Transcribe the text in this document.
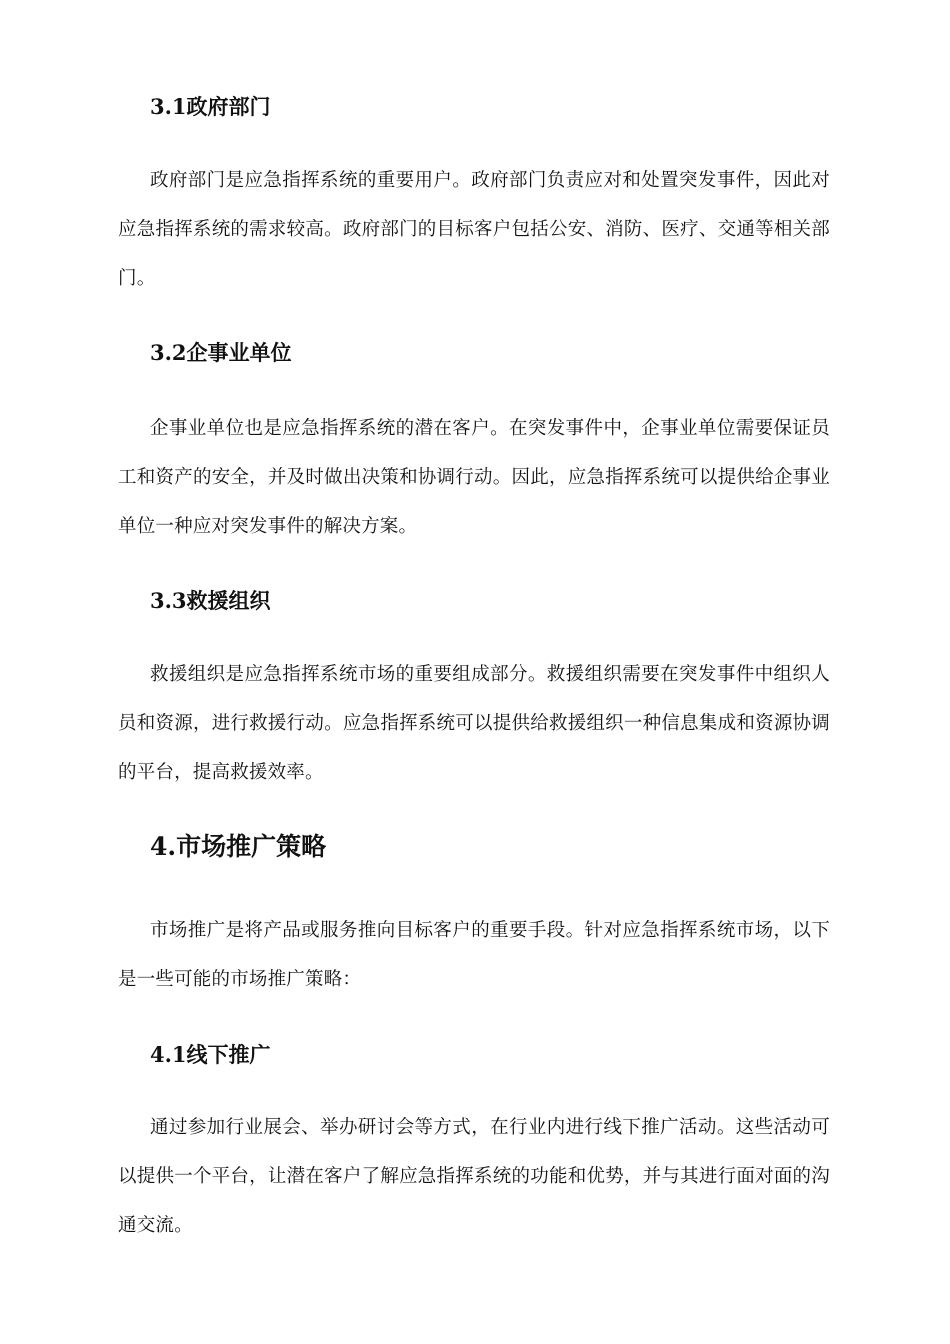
3.1政府部门

政府部门是应急指挥系统的重要用户。政府部门负责应对和处置突发事件，因此对应急指挥系统的需求较高。政府部门的目标客户包括公安、消防、医疗、交通等相关部门。

3.2企事业单位

企事业单位也是应急指挥系统的潜在客户。在突发事件中，企事业单位需要保证员工和资产的安全，并及时做出决策和协调行动。因此，应急指挥系统可以提供给企事业单位一种应对突发事件的解决方案。

3.3救援组织

救援组织是应急指挥系统市场的重要组成部分。救援组织需要在突发事件中组织人员和资源，进行救援行动。应急指挥系统可以提供给救援组织一种信息集成和资源协调的平台，提高救援效率。

4.市场推广策略

市场推广是将产品或服务推向目标客户的重要手段。针对应急指挥系统市场，以下是一些可能的市场推广策略：

4.1线下推广

通过参加行业展会、举办研讨会等方式，在行业内进行线下推广活动。这些活动可以提供一个平台，让潜在客户了解应急指挥系统的功能和优势，并与其进行面对面的沟通交流。
